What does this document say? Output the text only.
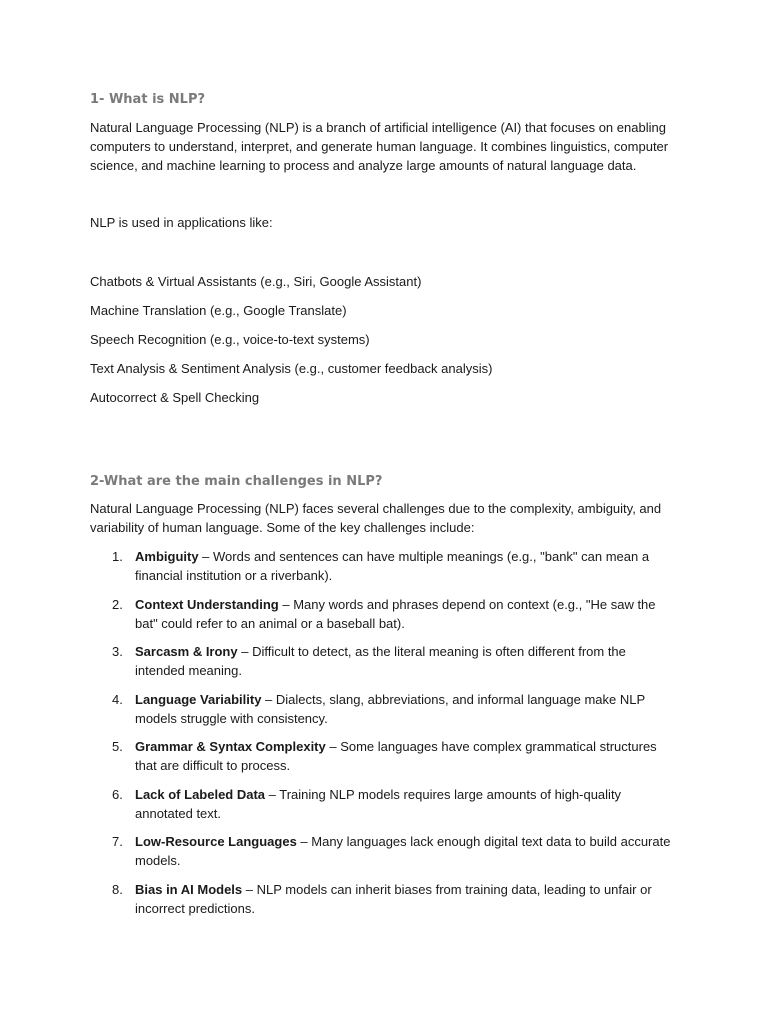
1- What is NLP?

Natural Language Processing (NLP) is a branch of artificial intelligence (AI) that focuses on enabling computers to understand, interpret, and generate human language. It combines linguistics, computer science, and machine learning to process and analyze large amounts of natural language data.

NLP is used in applications like:

Chatbots & Virtual Assistants (e.g., Siri, Google Assistant)

Machine Translation (e.g., Google Translate)

Speech Recognition (e.g., voice-to-text systems)

Text Analysis & Sentiment Analysis (e.g., customer feedback analysis)

Autocorrect & Spell Checking

2-What are the main challenges in NLP?

Natural Language Processing (NLP) faces several challenges due to the complexity, ambiguity, and variability of human language. Some of the key challenges include:

1. Ambiguity – Words and sentences can have multiple meanings (e.g., "bank" can mean a financial institution or a riverbank).
2. Context Understanding – Many words and phrases depend on context (e.g., "He saw the bat" could refer to an animal or a baseball bat).
3. Sarcasm & Irony – Difficult to detect, as the literal meaning is often different from the intended meaning.
4. Language Variability – Dialects, slang, abbreviations, and informal language make NLP models struggle with consistency.
5. Grammar & Syntax Complexity – Some languages have complex grammatical structures that are difficult to process.
6. Lack of Labeled Data – Training NLP models requires large amounts of high-quality annotated text.
7. Low-Resource Languages – Many languages lack enough digital text data to build accurate models.
8. Bias in AI Models – NLP models can inherit biases from training data, leading to unfair or incorrect predictions.
